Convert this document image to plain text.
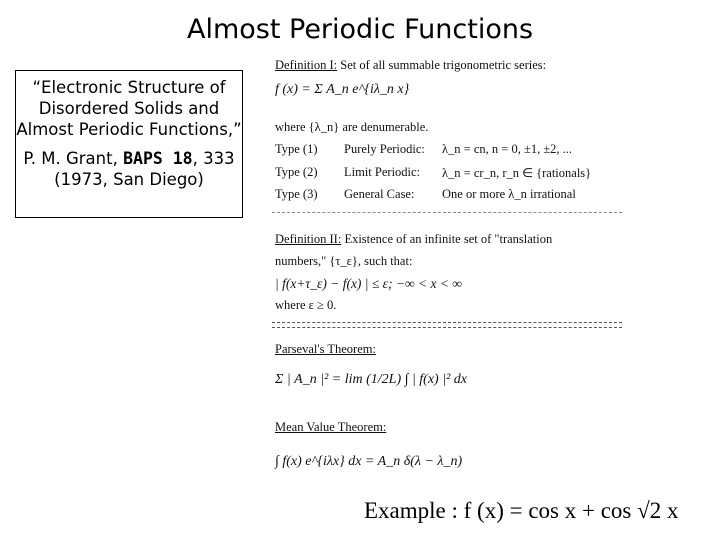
Almost Periodic Functions
“Electronic Structure of Disordered Solids and Almost Periodic Functions,”
P. M. Grant, BAPS 18, 333 (1973, San Diego)
Definition I: Set of all summable trigonometric series:
f (x) = Σ A_n e^{iλ_n x}
where {λ_n} are denumerable.
Type (1) Purely Periodic: λ_n = cn, n = 0, ±1, ±2, ...
Type (2) Limit Periodic: λ_n = cr_n, r_n ∈ {rationals}
Type (3) General Case: One or more λ_n irrational
Definition II: Existence of an infinite set of "translation
numbers," {τ_ε}, such that:
| f(x+τ_ε) − f(x) | ≤ ε; −∞ < x < ∞
where ε ≥ 0.
Parseval's Theorem:
Σ | A_n |² = lim (1/2L) ∫ | f(x) |² dx
Mean Value Theorem:
∫ f(x) e^{iλx} dx = A_n δ(λ − λ_n)
Example : f (x) = cos x + cos √2 x
